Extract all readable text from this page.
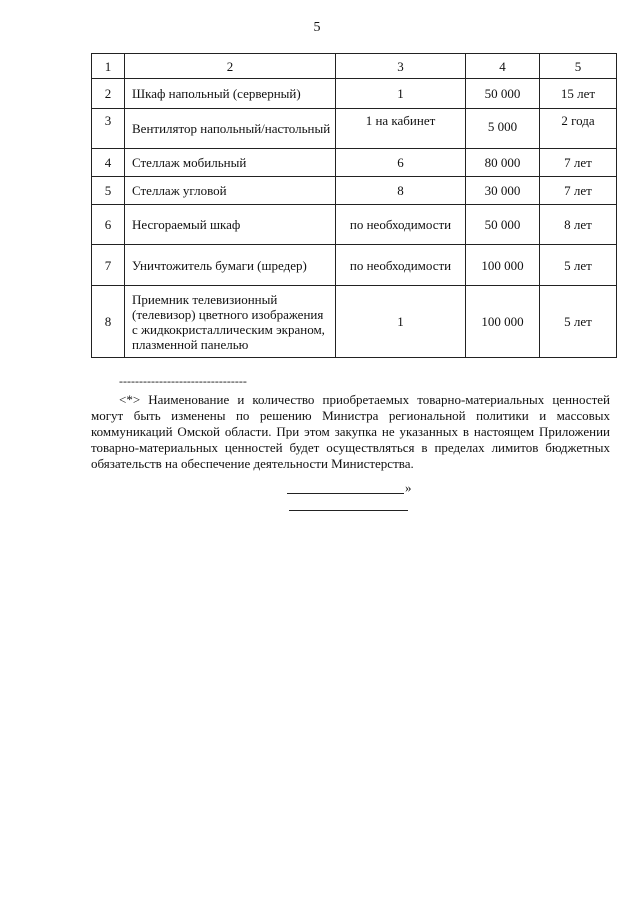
5
1	2	3	4	5
2	Шкаф напольный (серверный)	1	50 000	15 лет
3	Вентилятор напольный/настольный	1 на кабинет	5 000	2 года
4	Стеллаж мобильный	6	80 000	7 лет
5	Стеллаж угловой	8	30 000	7 лет
6	Несгораемый шкаф	по необходимости	50 000	8 лет
7	Уничтожитель бумаги (шредер)	по необходимости	100 000	5 лет
8	Приемник телевизионный (телевизор) цветного изображения с жидкокристаллическим экраном, плазменной панелью	1	100 000	5 лет
--------------------------------

<*> Наименование и количество приобретаемых товарно-материальных ценностей могут быть изменены по решению Министра региональной политики и массовых коммуникаций Омской области. При этом закупка не указанных в настоящем Приложении товарно-материальных ценностей будет осуществляться в пределах лимитов бюджетных обязательств на обеспечение деятельности Министерства.

»
